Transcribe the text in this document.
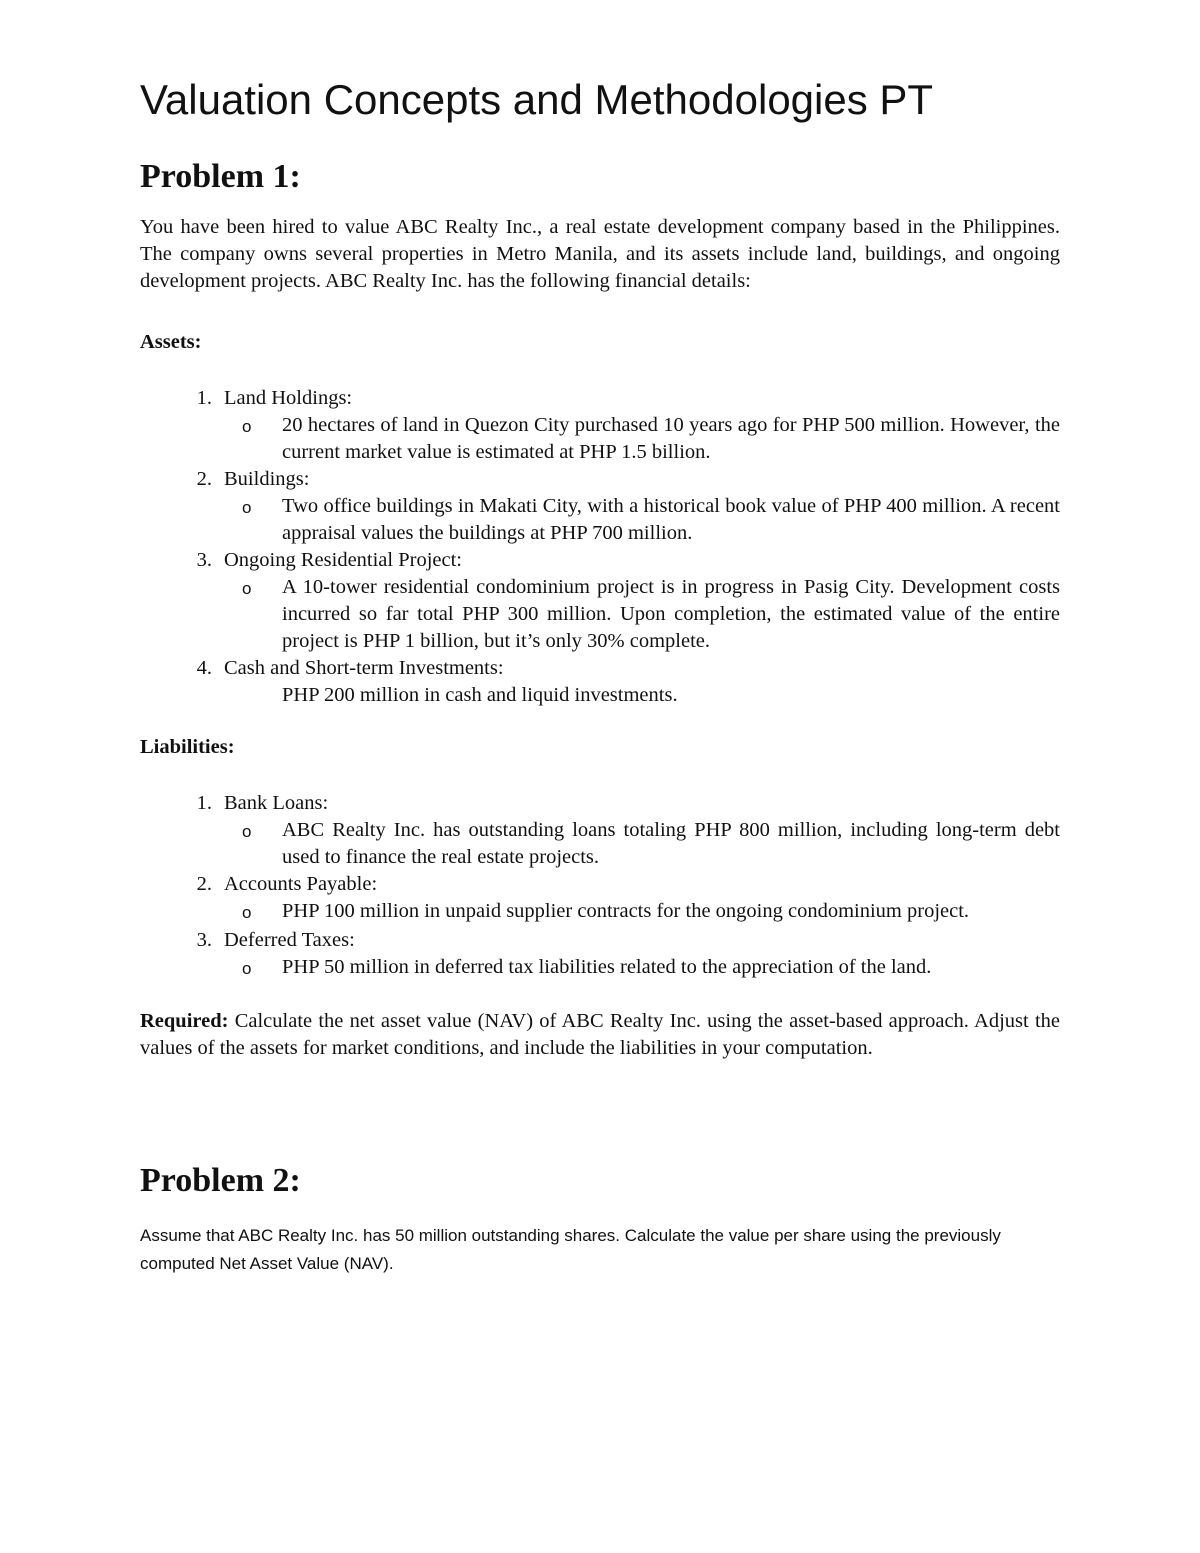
Valuation Concepts and Methodologies PT
Problem 1:

You have been hired to value ABC Realty Inc., a real estate development company based in the Philippines. The company owns several properties in Metro Manila, and its assets include land, buildings, and ongoing development projects. ABC Realty Inc. has the following financial details:

Assets:

1. Land Holdings:
o	20 hectares of land in Quezon City purchased 10 years ago for PHP 500 million. However, the current market value is estimated at PHP 1.5 billion.
2. Buildings:
o	Two office buildings in Makati City, with a historical book value of PHP 400 million. A recent appraisal values the buildings at PHP 700 million.
3. Ongoing Residential Project:
o	A 10-tower residential condominium project is in progress in Pasig City. Development costs incurred so far total PHP 300 million. Upon completion, the estimated value of the entire project is PHP 1 billion, but it’s only 30% complete.
4. Cash and Short-term Investments:
PHP 200 million in cash and liquid investments.

Liabilities:

1. Bank Loans:
o	ABC Realty Inc. has outstanding loans totaling PHP 800 million, including long-term debt used to finance the real estate projects.
2. Accounts Payable:
o	PHP 100 million in unpaid supplier contracts for the ongoing condominium project.
3. Deferred Taxes:
o	PHP 50 million in deferred tax liabilities related to the appreciation of the land.

Required: Calculate the net asset value (NAV) of ABC Realty Inc. using the asset-based approach. Adjust the values of the assets for market conditions, and include the liabilities in your computation.

Problem 2:

Assume that ABC Realty Inc. has 50 million outstanding shares. Calculate the value per share using the previously computed Net Asset Value (NAV).
